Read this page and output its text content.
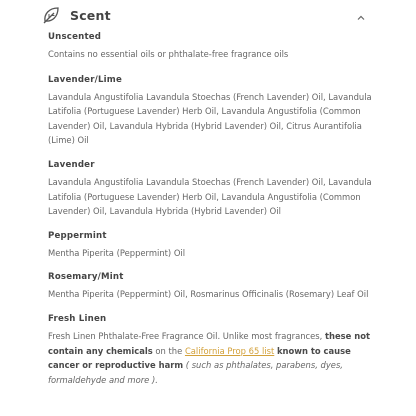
Scent

Unscented

Contains no essential oils or phthalate-free fragrance oils

Lavender/Lime

Lavandula Angustifolia Lavandula Stoechas (French Lavender) Oil, Lavandula Latifolia (Portuguese Lavender) Herb Oil, Lavandula Angustifolia (Common Lavender) Oil, Lavandula Hybrida (Hybrid Lavender) Oil, Citrus Aurantifolia (Lime) Oil

Lavender

Lavandula Angustifolia Lavandula Stoechas (French Lavender) Oil, Lavandula Latifolia (Portuguese Lavender) Herb Oil, Lavandula Angustifolia (Common Lavender) Oil, Lavandula Hybrida (Hybrid Lavender) Oil

Peppermint

Mentha Piperita (Peppermint) Oil

Rosemary/Mint

Mentha Piperita (Peppermint) Oil, Rosmarinus Officinalis (Rosemary) Leaf Oil

Fresh Linen

Fresh Linen Phthalate-Free Fragrance Oil. Unlike most fragrances, these not contain any chemicals on the California Prop 65 list known to cause cancer or reproductive harm ( such as phthalates, parabens, dyes, formaldehyde and more ).
